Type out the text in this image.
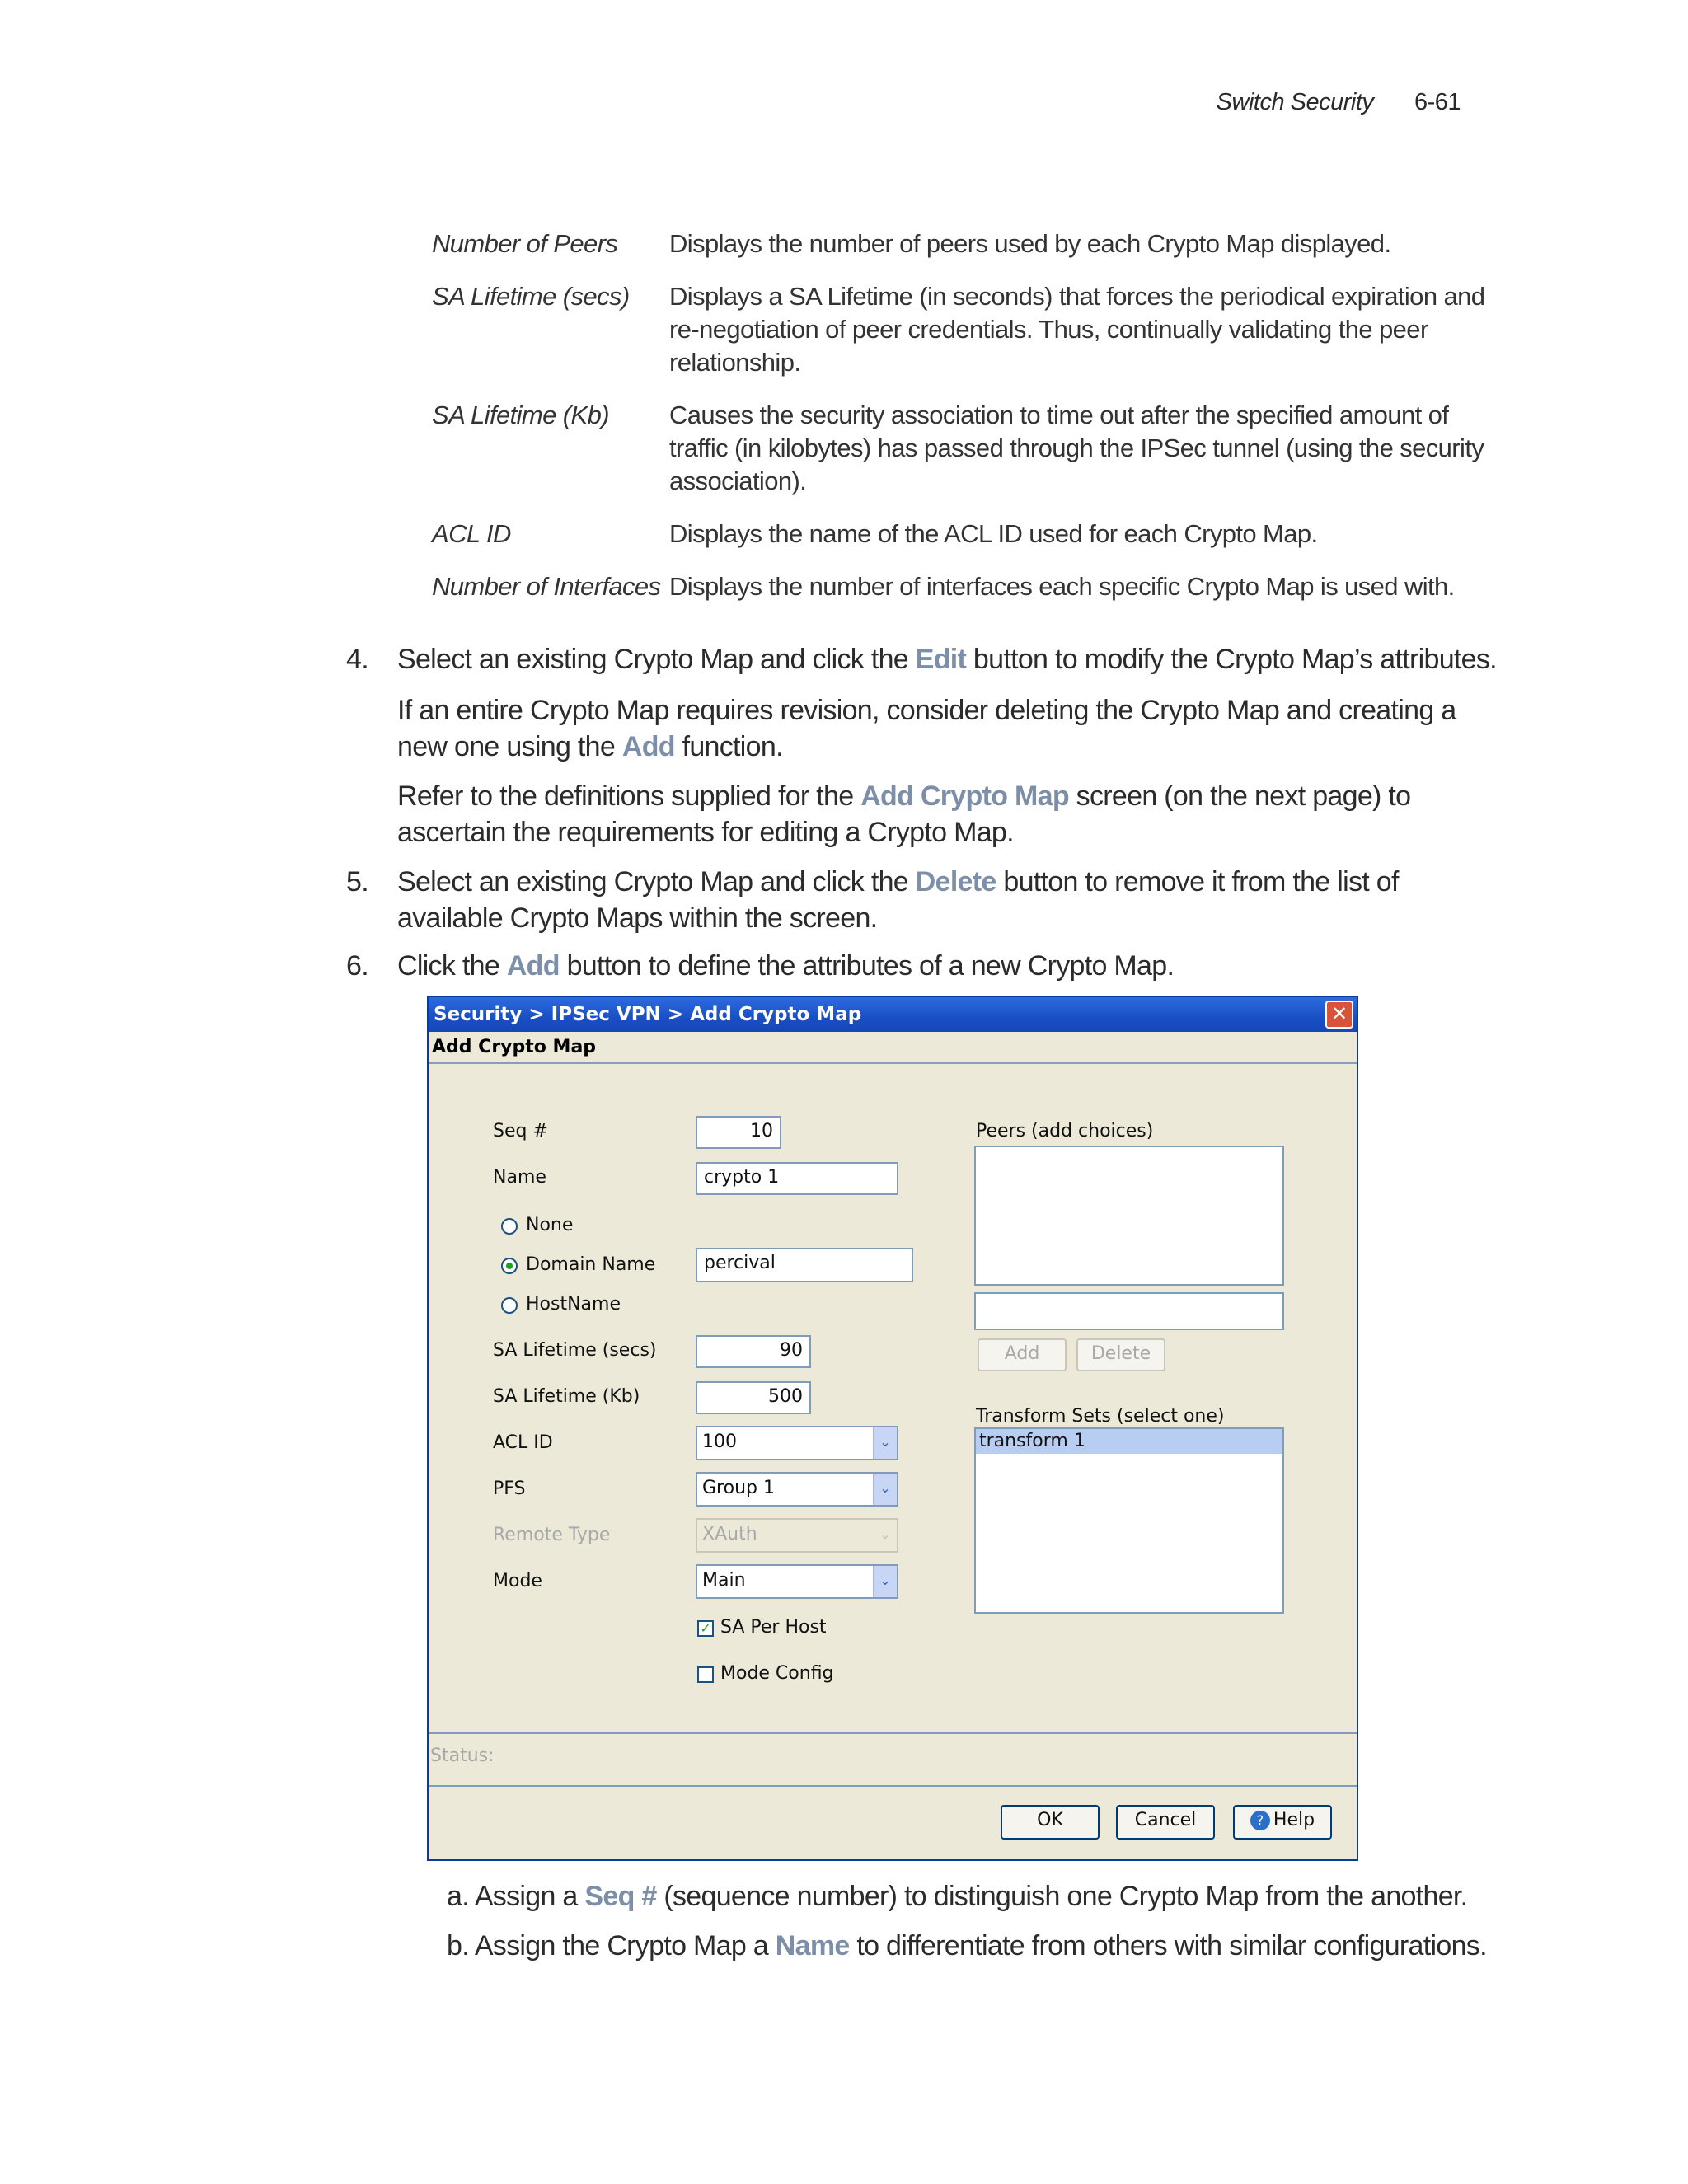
Switch Security 6-61
Number of Peers	Displays the number of peers used by each Crypto Map displayed.
SA Lifetime (secs)	Displays a SA Lifetime (in seconds) that forces the periodical expiration and re-negotiation of peer credentials. Thus, continually validating the peer relationship.
SA Lifetime (Kb)	Causes the security association to time out after the specified amount of traffic (in kilobytes) has passed through the IPSec tunnel (using the security association).
ACL ID	Displays the name of the ACL ID used for each Crypto Map.
Number of Interfaces Displays the number of interfaces each specific Crypto Map is used with.
4.	Select an existing Crypto Map and click the Edit button to modify the Crypto Map’s attributes.
If an entire Crypto Map requires revision, consider deleting the Crypto Map and creating a new one using the Add function.
Refer to the definitions supplied for the Add Crypto Map screen (on the next page) to ascertain the requirements for editing a Crypto Map.
5.	Select an existing Crypto Map and click the Delete button to remove it from the list of available Crypto Maps within the screen.
6.	Click the Add button to define the attributes of a new Crypto Map.
Security > IPSec VPN > Add Crypto Map	✕
Add Crypto Map
Seq #	10
Name	crypto 1
None
Domain Name	percival
HostName
SA Lifetime (secs)	90
SA Lifetime (Kb)	500
ACL ID	100	⌄
PFS	Group 1	⌄
Remote Type	XAuth	⌄
Mode	Main	⌄
✓ SA Per Host
Mode Config
Peers (add choices)
Add	Delete
Transform Sets (select one)
transform 1
Status:
OK	Cancel	? Help
a. Assign a Seq # (sequence number) to distinguish one Crypto Map from the another.
b. Assign the Crypto Map a Name to differentiate from others with similar configurations.
